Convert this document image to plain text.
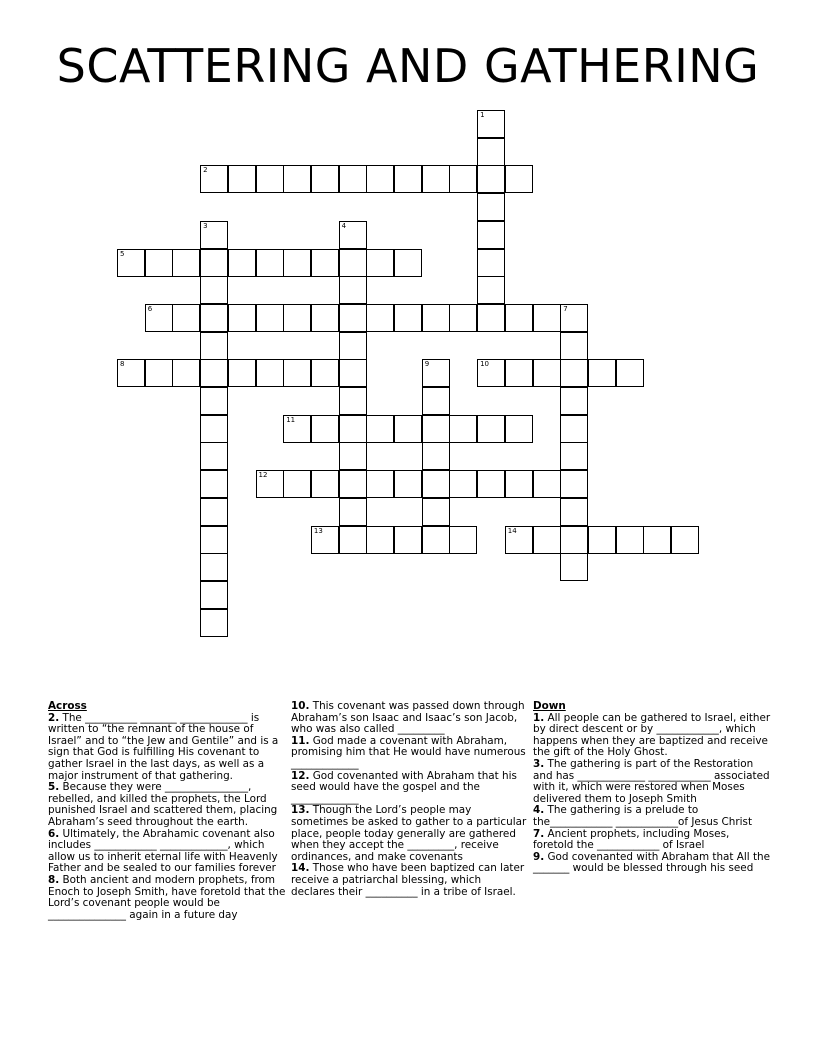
SCATTERING AND GATHERING
1
2
3	4
5
6	7
8	9	10
11
12
13	14
Across
2. The __________ _______ _____________ is written to “the remnant of the house of Israel” and to “the Jew and Gentile” and is a sign that God is fulfilling His covenant to gather Israel in the last days, as well as a major instrument of that gathering.
5. Because they were ________________, rebelled, and killed the prophets, the Lord punished Israel and scattered them, placing Abraham’s seed throughout the earth.
6. Ultimately, the Abrahamic covenant also includes ____________ _____________, which allow us to inherit eternal life with Heavenly Father and be sealed to our families forever
8. Both ancient and modern prophets, from Enoch to Joseph Smith, have foretold that the Lord’s covenant people would be _______________ again in a future day
10. This covenant was passed down through Abraham’s son Isaac and Isaac’s son Jacob, who was also called _________
11. God made a covenant with Abraham, promising him that He would have numerous _____________
12. God covenanted with Abraham that his seed would have the gospel and the _____________
13. Though the Lord’s people may sometimes be asked to gather to a particular place, people today generally are gathered when they accept the _________, receive ordinances, and make covenants
14. Those who have been baptized can later receive a patriarchal blessing, which declares their __________ in a tribe of Israel.
Down
1. All people can be gathered to Israel, either by direct descent or by ____________, which happens when they are baptized and receive the gift of the Holy Ghost.
3. The gathering is part of the Restoration and has _____________ ____________ associated with it, which were restored when Moses delivered them to Joseph Smith
4. The gathering is a prelude to the____________ ____________of Jesus Christ
7. Ancient prophets, including Moses, foretold the ____________ of Israel
9. God covenanted with Abraham that All the _______ would be blessed through his seed
